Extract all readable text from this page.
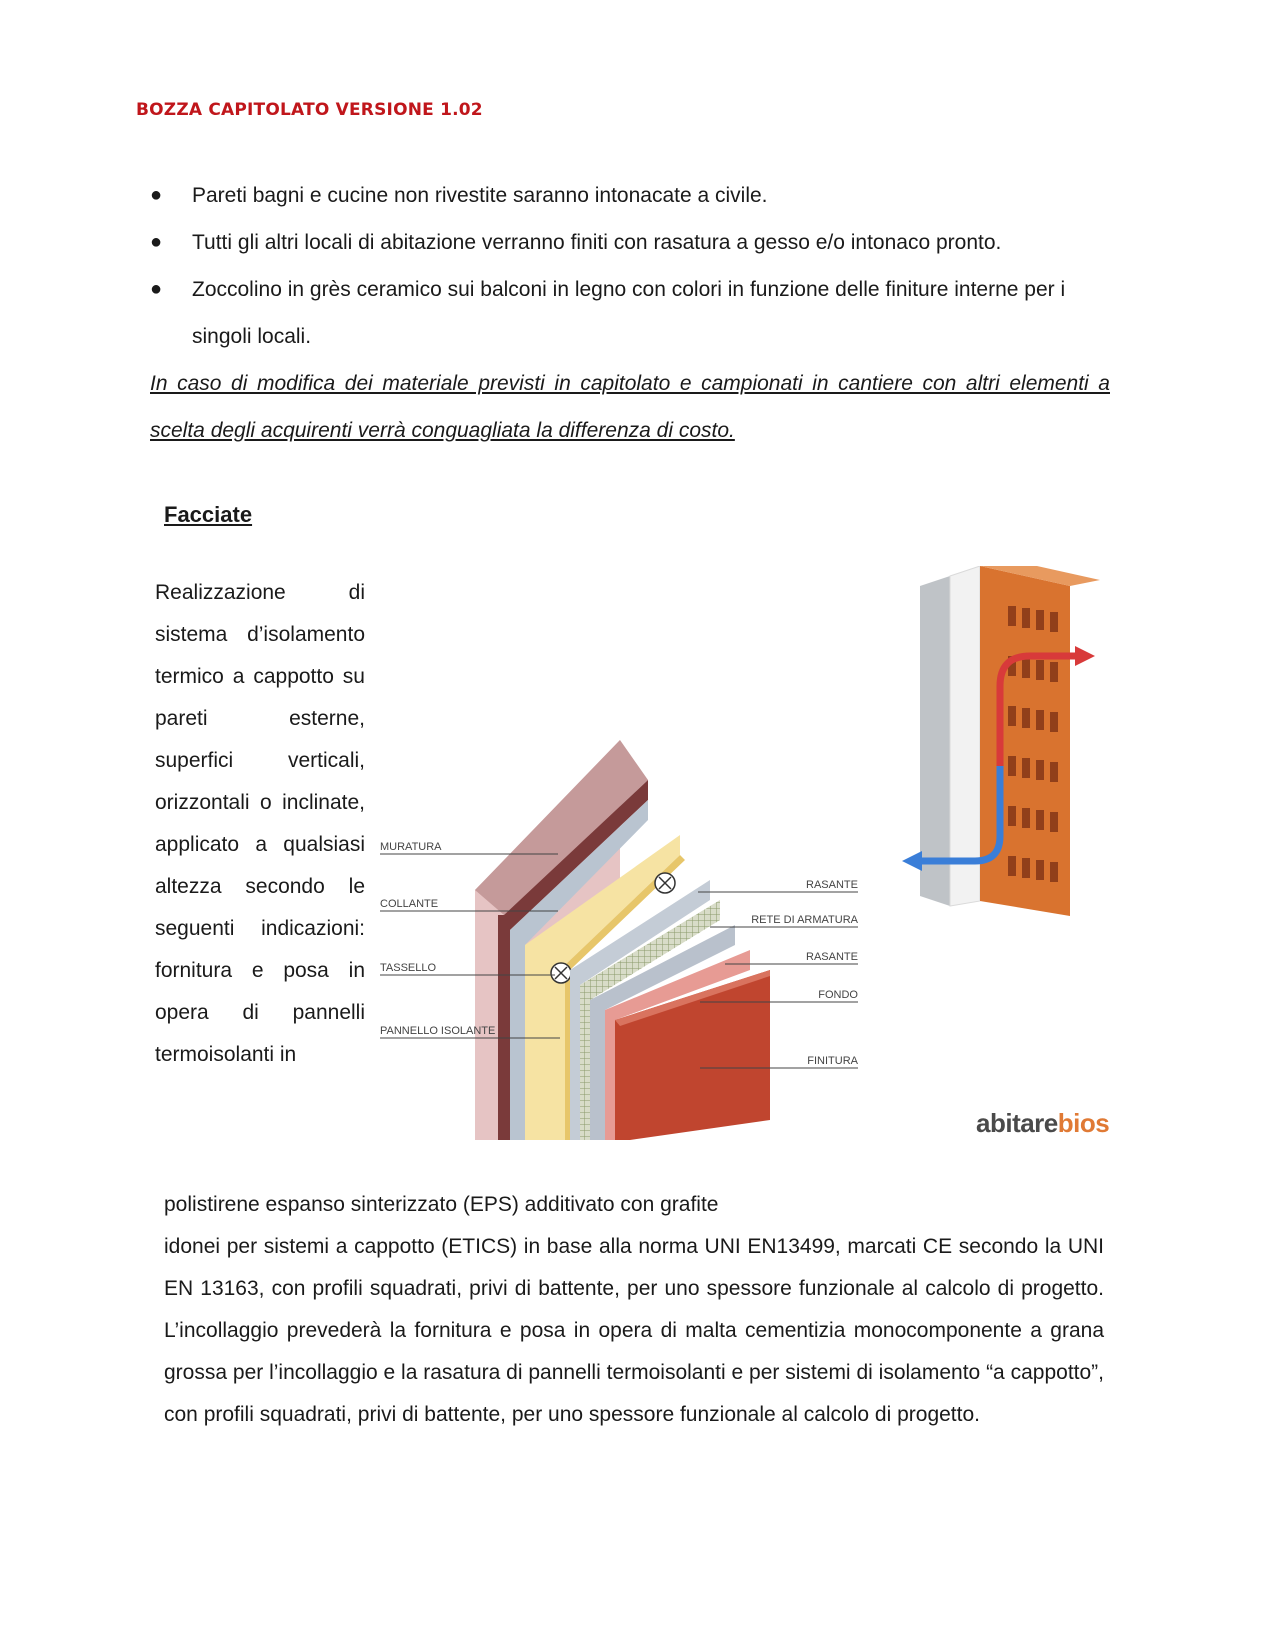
BOZZA CAPITOLATO VERSIONE 1.02
● Pareti bagni e cucine non rivestite saranno intonacate a civile.
● Tutti gli altri locali di abitazione verranno finiti con rasatura a gesso e/o intonaco pronto.
● Zoccolino in grès ceramico sui balconi in legno con colori in funzione delle finiture interne per i singoli locali.
In caso di modifica dei materiale previsti in capitolato e campionati in cantiere con altri elementi a scelta degli acquirenti verrà conguagliata la differenza di costo.
Facciate
Realizzazione di sistema d’isolamento termico a cappotto su pareti esterne, superfici verticali, orizzontali o inclinate, applicato a qualsiasi altezza secondo le seguenti indicazioni:
fornitura e posa in opera di pannelli termoisolanti in
MURATURA
COLLANTE
TASSELLO
PANNELLO ISOLANTE
RASANTE
RETE DI ARMATURA
RASANTE
FONDO
FINITURA
abitarebios
polistirene espanso sinterizzato (EPS) additivato con grafite
idonei per sistemi a cappotto (ETICS) in base alla norma UNI EN13499, marcati CE secondo la UNI EN 13163, con profili squadrati, privi di battente, per uno spessore funzionale al calcolo di progetto. L’incollaggio prevederà la fornitura e posa in opera di malta cementizia monocomponente a grana grossa per l’incollaggio e la rasatura di pannelli termoisolanti e per sistemi di isolamento “a cappotto”, con profili squadrati, privi di battente, per uno spessore funzionale al calcolo di progetto.
